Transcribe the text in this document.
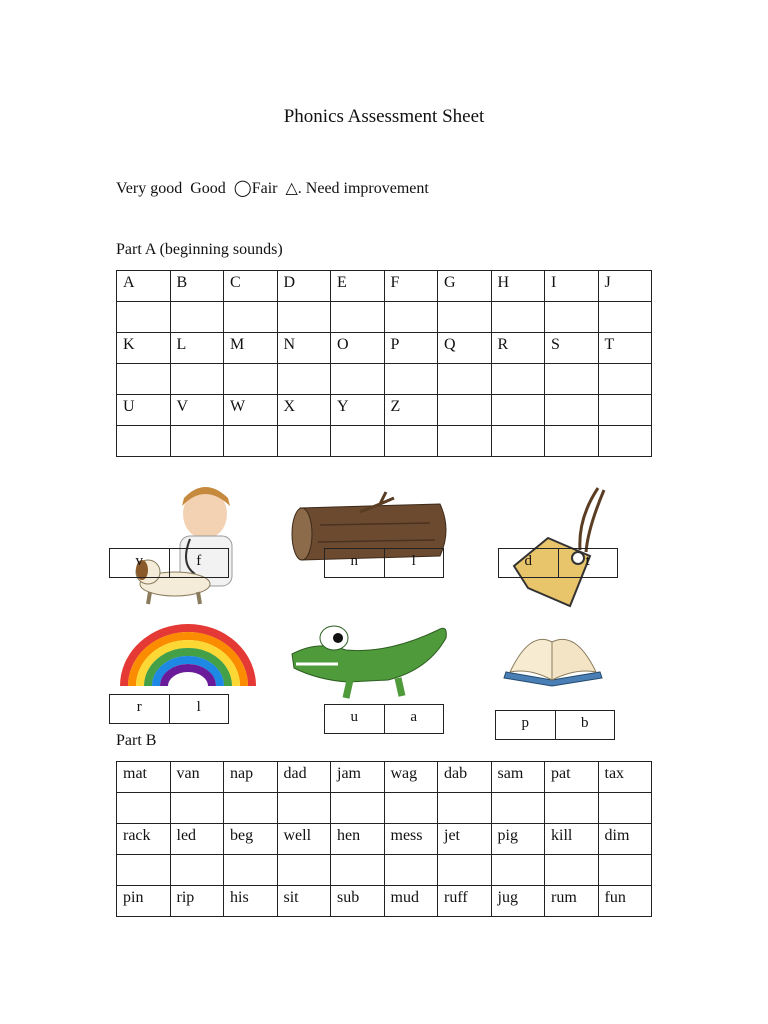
Phonics Assessment Sheet
Very good Good ◯Fair △. Need improvement
Part A (beginning sounds)
A	B	C	D	E	F	G	H	I	J

K	L	M	N	O	P	Q	R	S	T

U	V	W	X	Y	Z				

v	f	n	l	d	t
r	l
u	a	p	b
Part B
mat	van	nap	dad	jam	wag	dab	sam	pat	tax

rack	led	beg	well	hen	mess	jet	pig	kill	dim

pin	rip	his	sit	sub	mud	ruff	jug	rum	fun
